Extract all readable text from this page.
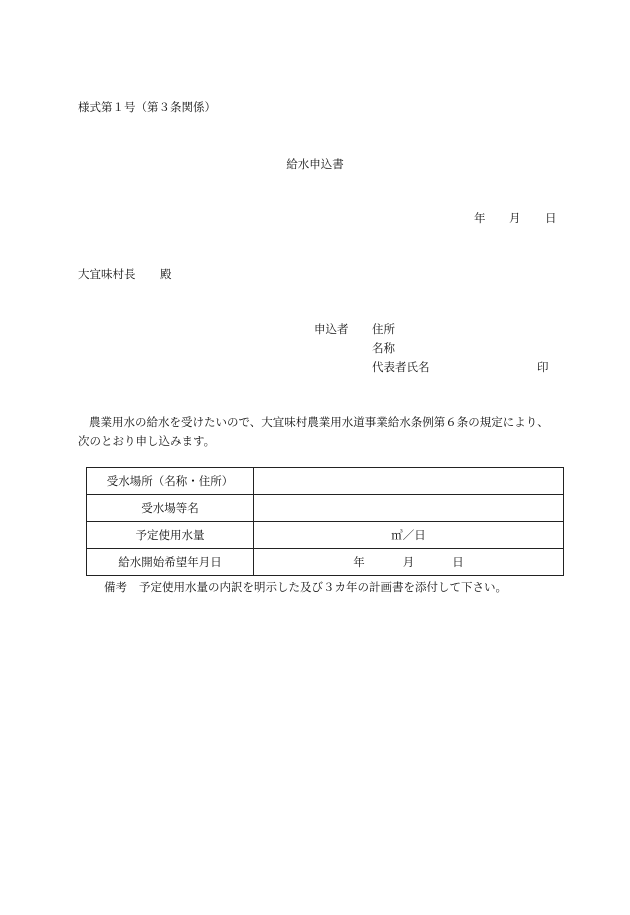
様式第１号（第３条関係）
給水申込書
年 月 日
大宜味村長 殿
申込者 住所
名称
代表者氏名	印
農業用水の給水を受けたいので、大宜味村農業用水道事業給水条例第６条の規定により、次のとおり申し込みます。
受水場所（名称・住所）	
受水場等名	
予定使用水量	㎥／日
給水開始希望年月日	年 月 日
備考 予定使用水量の内訳を明示した及び３カ年の計画書を添付して下さい。
